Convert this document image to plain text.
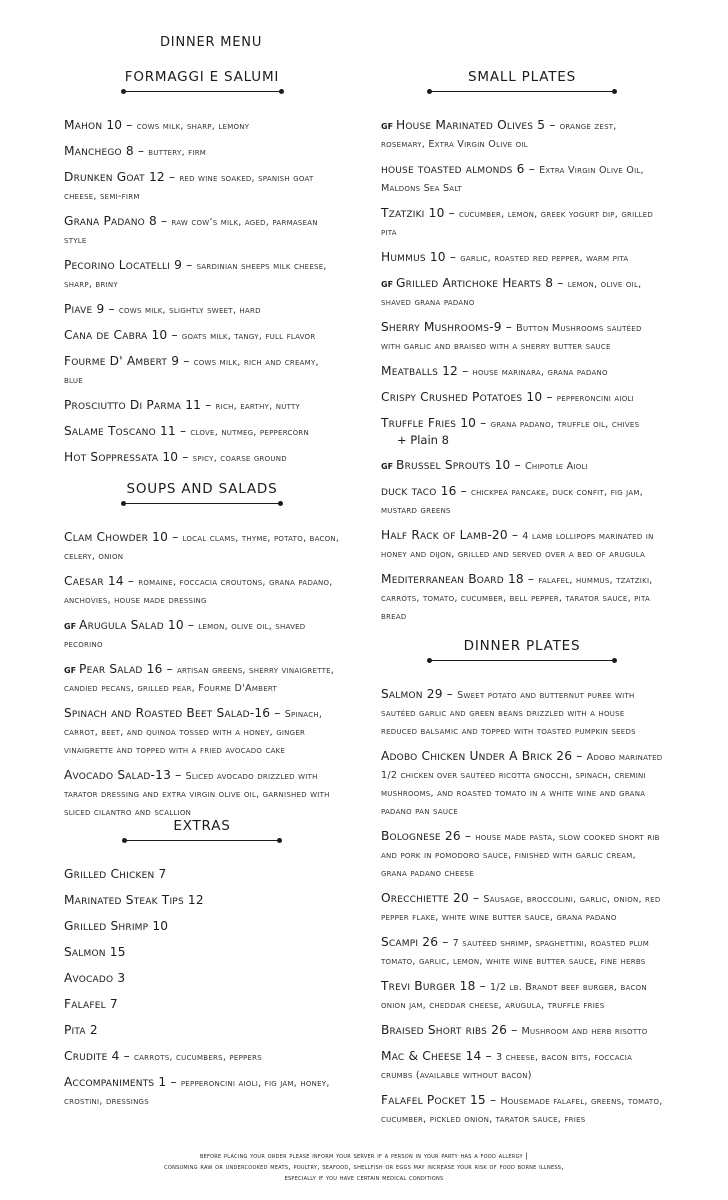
DINNER MENU
FORMAGGI E SALUMI
Mahon 10 – cows milk, sharp, lemony
Manchego 8 – buttery, firm
Drunken Goat 12 – red wine soaked, spanish goat cheese, semi-firm
Grana Padano 8 – raw cow’s milk, aged, parmasean style
Pecorino Locatelli 9 – sardinian sheeps milk cheese, sharp, briny
Piave 9 – cows milk, slightly sweet, hard
Cana de Cabra 10 – goats milk, tangy, full flavor
Fourme D' Ambert 9 – cows milk, rich and creamy, blue
Prosciutto Di Parma 11 – rich, earthy, nutty
Salame Toscano 11 – clove, nutmeg, peppercorn
Hot Soppressata 10 – spicy, coarse ground
SOUPS AND SALADS
Clam Chowder 10 – local clams, thyme, potato, bacon, celery, onion
Caesar 14 – romaine, foccacia croutons, grana padano, anchovies, house made dressing
GF Arugula Salad 10 – lemon, olive oil, shaved pecorino
GF Pear Salad 16 – artisan greens, sherry vinaigrette, candied pecans, grilled pear, Fourme D'Ambert
Spinach and Roasted Beet Salad-16 – Spinach, carrot, beet, and quinoa tossed with a honey, ginger vinaigrette and topped with a fried avocado cake
Avocado Salad-13 – Sliced avocado drizzled with tarator dressing and extra virgin olive oil, garnished with sliced cilantro and scallion
EXTRAS
Grilled Chicken 7
Marinated Steak Tips 12
Grilled Shrimp 10
Salmon 15
Avocado 3
Falafel 7
Pita 2
Crudite 4 – carrots, cucumbers, peppers
Accompaniments 1 – pepperoncini aioli, fig jam, honey, crostini, dressings
SMALL PLATES
GF House Marinated Olives 5 – orange zest, rosemary, Extra Virgin Olive oil
house toasted almonds 6 – Extra Virgin Olive Oil, Maldons Sea Salt
Tzatziki 10 – cucumber, lemon, greek yogurt dip, grilled pita
Hummus 10 – garlic, roasted red pepper, warm pita
GF Grilled Artichoke Hearts 8 – lemon, olive oil, shaved grana padano
Sherry Mushrooms-9 – Button Mushrooms sautéed with garlic and braised with a sherry butter sauce
Meatballs 12 – house marinara, grana padano
Crispy Crushed Potatoes 10 – pepperoncini aioli
Truffle Fries 10 – grana padano, truffle oil, chives
+ Plain 8
GF Brussel Sprouts 10 – Chipotle Aioli
duck taco 16 – chickpea pancake, duck confit, fig jam, mustard greens
Half Rack of Lamb-20 – 4 lamb lollipops marinated in honey and dijon, grilled and served over a bed of arugula
Mediterranean Board 18 – falafel, hummus, tzatziki, carrots, tomato, cucumber, bell pepper, tarator sauce, pita bread
DINNER PLATES
Salmon 29 – Sweet potato and butternut puree with sautéed garlic and green beans drizzled with a house reduced balsamic and topped with toasted pumpkin seeds
Adobo Chicken Under A Brick 26 – Adobo marinated 1/2 chicken over sautéed ricotta gnocchi, spinach, cremini mushrooms, and roasted tomato in a white wine and grana padano pan sauce
Bolognese 26 – house made pasta, slow cooked short rib and pork in pomodoro sauce, finished with garlic cream, grana padano cheese
Orecchiette 20 – Sausage, broccolini, garlic, onion, red pepper flake, white wine butter sauce, grana padano
Scampi 26 – 7 sautéed shrimp, spaghettini, roasted plum tomato, garlic, lemon, white wine butter sauce, fine herbs
Trevi Burger 18 – 1/2 lb. Brandt beef burger, bacon onion jam, cheddar cheese, arugula, truffle fries
Braised Short ribs 26 – Mushroom and herb risotto
Mac & Cheese 14 – 3 cheese, bacon bits, foccacia crumbs (available without bacon)
Falafel Pocket 15 – Housemade falafel, greens, tomato, cucumber, pickled onion, tarator sauce, fries
before placing your order please inform your server if a person in your party has a food allergy |
consuming raw or undercooked meats, poultry, seafood, shellfish or eggs may increase your risk of food borne illness,
especially if you have certain medical conditions
